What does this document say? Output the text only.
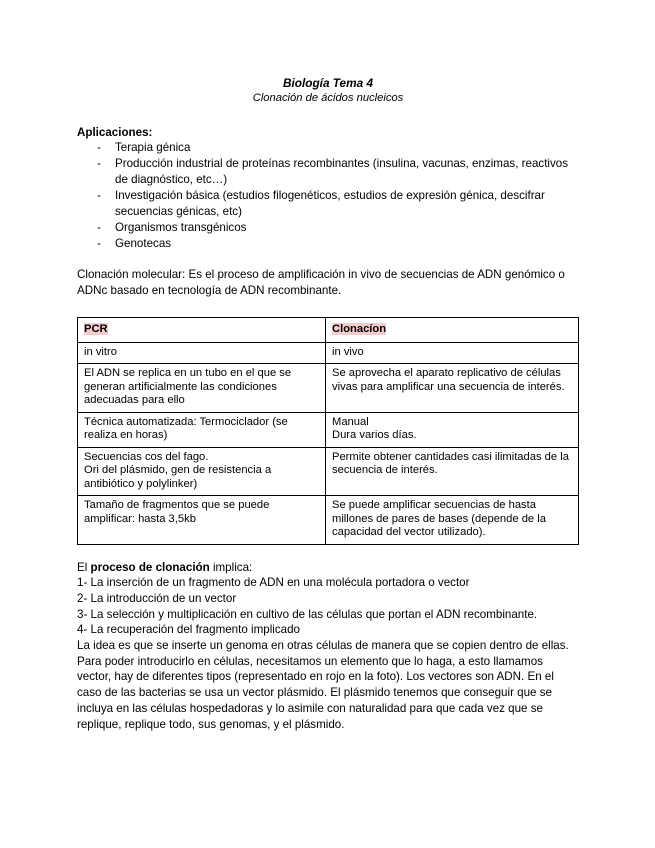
Biología Tema 4
Clonación de ácidos nucleicos
Aplicaciones:
- Terapia génica
- Producción industrial de proteínas recombinantes (insulina, vacunas, enzimas, reactivos de diagnóstico, etc…)
- Investigación básica (estudios filogenéticos, estudios de expresión génica, descifrar secuencias génicas, etc)
- Organismos transgénicos
- Genotecas
Clonación molecular: Es el proceso de amplificación in vivo de secuencias de ADN genómico o ADNc basado en tecnología de ADN recombinante.
PCR	Clonacíon
in vitro	in vivo
El ADN se replica en un tubo en el que se generan artificialmente las condiciones adecuadas para ello	Se aprovecha el aparato replicativo de células vivas para amplificar una secuencia de interés.
Técnica automatizada: Termociclador (se realiza en horas)	Manual
Dura varios días.
Secuencias cos del fago.
Ori del plásmido, gen de resistencia a antibiótico y polylinker)	Permite obtener cantidades casi ilimitadas de la secuencia de interés.
Tamaño de fragmentos que se puede amplificar: hasta 3,5kb	Se puede amplificar secuencias de hasta millones de pares de bases (depende de la capacidad del vector utilizado).
El proceso de clonación implica:
1- La inserción de un fragmento de ADN en una molécula portadora o vector
2- La introducción de un vector
3- La selección y multiplicación en cultivo de las células que portan el ADN recombinante.
4- La recuperación del fragmento implicado
La idea es que se inserte un genoma en otras células de manera que se copien dentro de ellas. Para poder introducirlo en células, necesitamos un elemento que lo haga, a esto llamamos vector, hay de diferentes tipos (representado en rojo en la foto). Los vectores son ADN. En el caso de las bacterias se usa un vector plásmido. El plásmido tenemos que conseguir que se incluya en las células hospedadoras y lo asimile con naturalidad para que cada vez que se replique, replique todo, sus genomas, y el plásmido.
